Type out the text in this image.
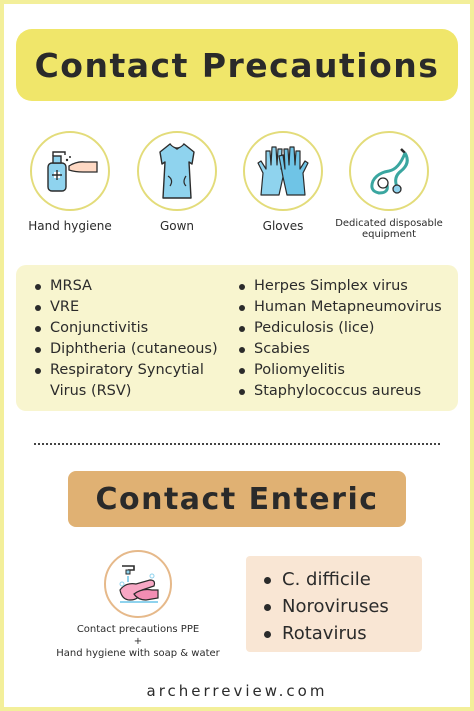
Contact Precautions
Hand hygiene	Gown	Gloves	Dedicated disposable equipment
MRSA
VRE
Conjunctivitis
Diphtheria (cutaneous)
Respiratory Syncytial
Virus (RSV)
Herpes Simplex virus
Human Metapneumovirus
Pediculosis (lice)
Scabies
Poliomyelitis
Staphylococcus aureus
Contact Enteric
Contact precautions PPE
+
Hand hygiene with soap & water
C. difficile
Noroviruses
Rotavirus
archerreview.com
